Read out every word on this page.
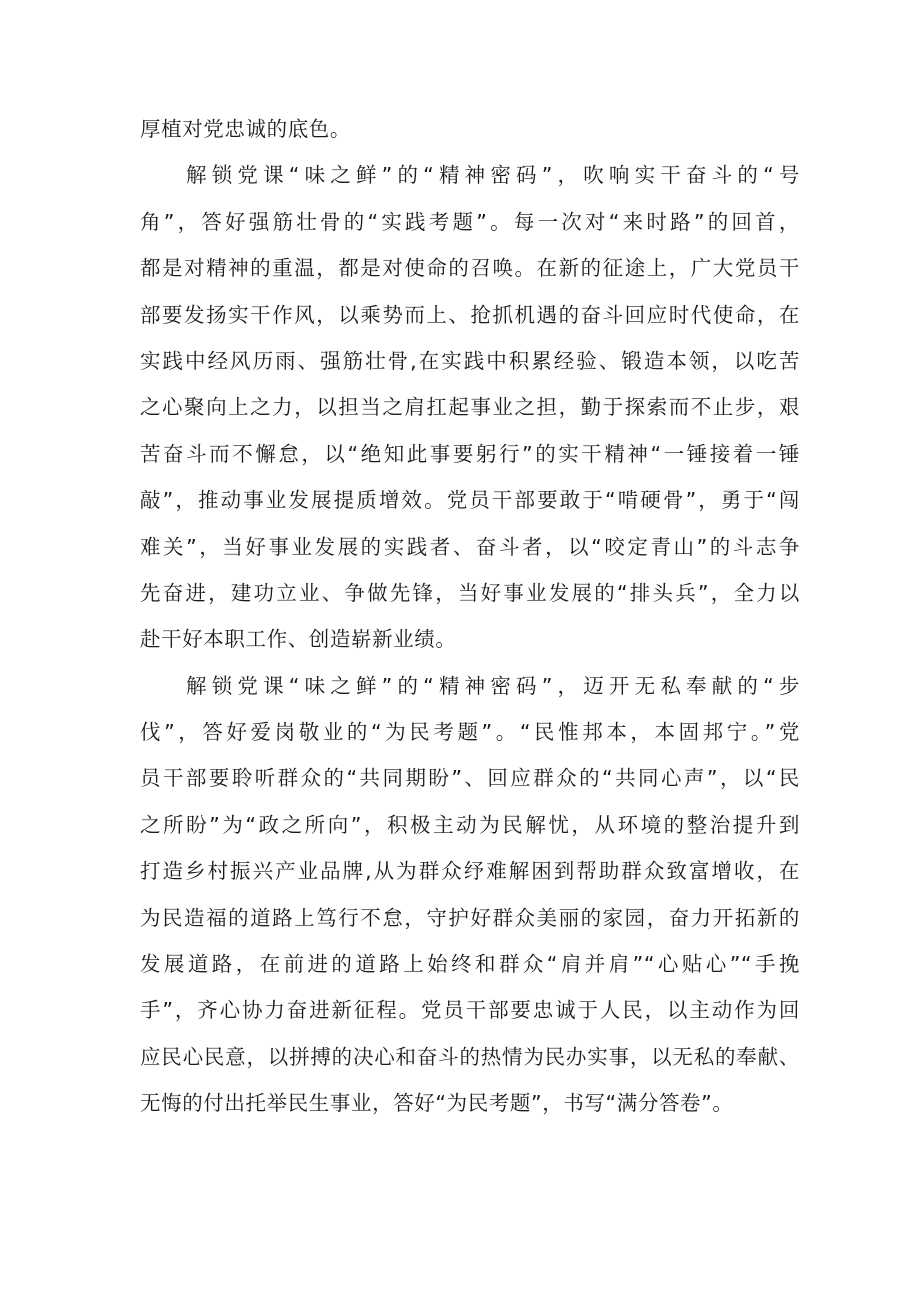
厚植对党忠诚的底色。
解锁党课“味之鲜”的“精神密码”，吹响实干奋斗的“号
角”，答好强筋壮骨的“实践考题”。每一次对“来时路”的回首，
都是对精神的重温，都是对使命的召唤。在新的征途上，广大党员干
部要发扬实干作风，以乘势而上、抢抓机遇的奋斗回应时代使命，在
实践中经风历雨、强筋壮骨,在实践中积累经验、锻造本领，以吃苦
之心聚向上之力，以担当之肩扛起事业之担，勤于探索而不止步，艰
苦奋斗而不懈怠，以“绝知此事要躬行”的实干精神“一锤接着一锤
敲”，推动事业发展提质增效。党员干部要敢于“啃硬骨”，勇于“闯
难关”，当好事业发展的实践者、奋斗者，以“咬定青山”的斗志争
先奋进，建功立业、争做先锋，当好事业发展的“排头兵”，全力以
赴干好本职工作、创造崭新业绩。
解锁党课“味之鲜”的“精神密码”，迈开无私奉献的“步
伐”，答好爱岗敬业的“为民考题”。“民惟邦本，本固邦宁。”党
员干部要聆听群众的“共同期盼”、回应群众的“共同心声”，以“民
之所盼”为“政之所向”，积极主动为民解忧，从环境的整治提升到
打造乡村振兴产业品牌,从为群众纾难解困到帮助群众致富增收，在
为民造福的道路上笃行不怠，守护好群众美丽的家园，奋力开拓新的
发展道路，在前进的道路上始终和群众“肩并肩”“心贴心”“手挽
手”，齐心协力奋进新征程。党员干部要忠诚于人民，以主动作为回
应民心民意，以拼搏的决心和奋斗的热情为民办实事，以无私的奉献、
无悔的付出托举民生事业，答好“为民考题”，书写“满分答卷”。
